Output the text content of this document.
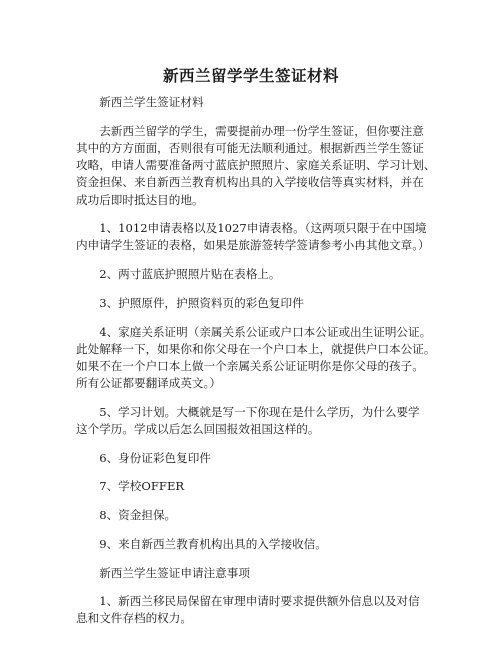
新西兰留学学生签证材料

　　新西兰学生签证材料

　　去新西兰留学的学生，需要提前办理一份学生签证，但你要注意
其中的方方面面，否则很有可能无法顺利通过。根据新西兰学生签证
攻略，申请人需要准备两寸蓝底护照照片、家庭关系证明、学习计划、
资金担保、来自新西兰教育机构出具的入学接收信等真实材料，并在
成功后即时抵达目的地。

　　1、1012申请表格以及1027申请表格。（这两项只限于在中国境
内申请学生签证的表格，如果是旅游签转学签请参考小冉其他文章。）

　　2、两寸蓝底护照照片贴在表格上。

　　3、护照原件，护照资料页的彩色复印件

　　4、家庭关系证明（亲属关系公证或户口本公证或出生证明公证。
此处解释一下，如果你和你父母在一个户口本上，就提供户口本公证。
如果不在一个户口本上做一个亲属关系公证证明你是你父母的孩子。
所有公证都要翻译成英文。）

　　5、学习计划。大概就是写一下你现在是什么学历，为什么要学
这个学历。学成以后怎么回国报效祖国这样的。

　　6、身份证彩色复印件

　　7、学校OFFER

　　8、资金担保。

　　9、来自新西兰教育机构出具的入学接收信。

　　新西兰学生签证申请注意事项

　　1、新西兰移民局保留在审理申请时要求提供额外信息以及对信
息和文件存档的权力。
